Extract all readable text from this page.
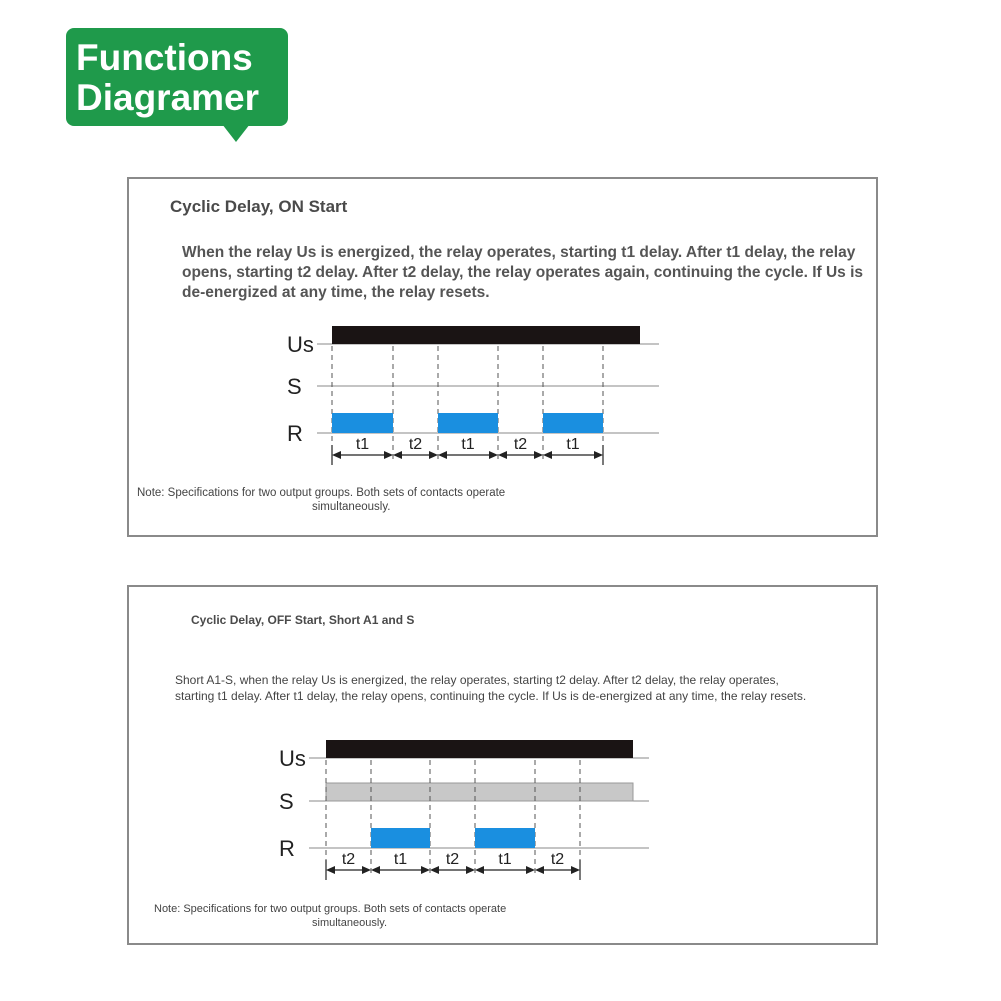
Functions Diagramer
Cyclic Delay, ON Start
When the relay Us is energized, the relay operates, starting t1 delay. After t1 delay, the relay opens, starting t2 delay. After t2 delay, the relay operates again, continuing the cycle. If Us is de-energized at any time, the relay resets.
Note: Specifications for two output groups. Both sets of contacts operate
simultaneously.
Us
S
R	t1 t2 t1 t2 t1
Cyclic Delay, OFF Start, Short A1 and S
Short A1-S, when the relay Us is energized, the relay operates, starting t2 delay. After t2 delay, the relay operates, starting t1 delay. After t1 delay, the relay opens, continuing the cycle. If Us is de-energized at any time, the relay resets.
Note: Specifications for two output groups. Both sets of contacts operate
simultaneously.
Us
S
R	t2 t1 t2 t1 t2
